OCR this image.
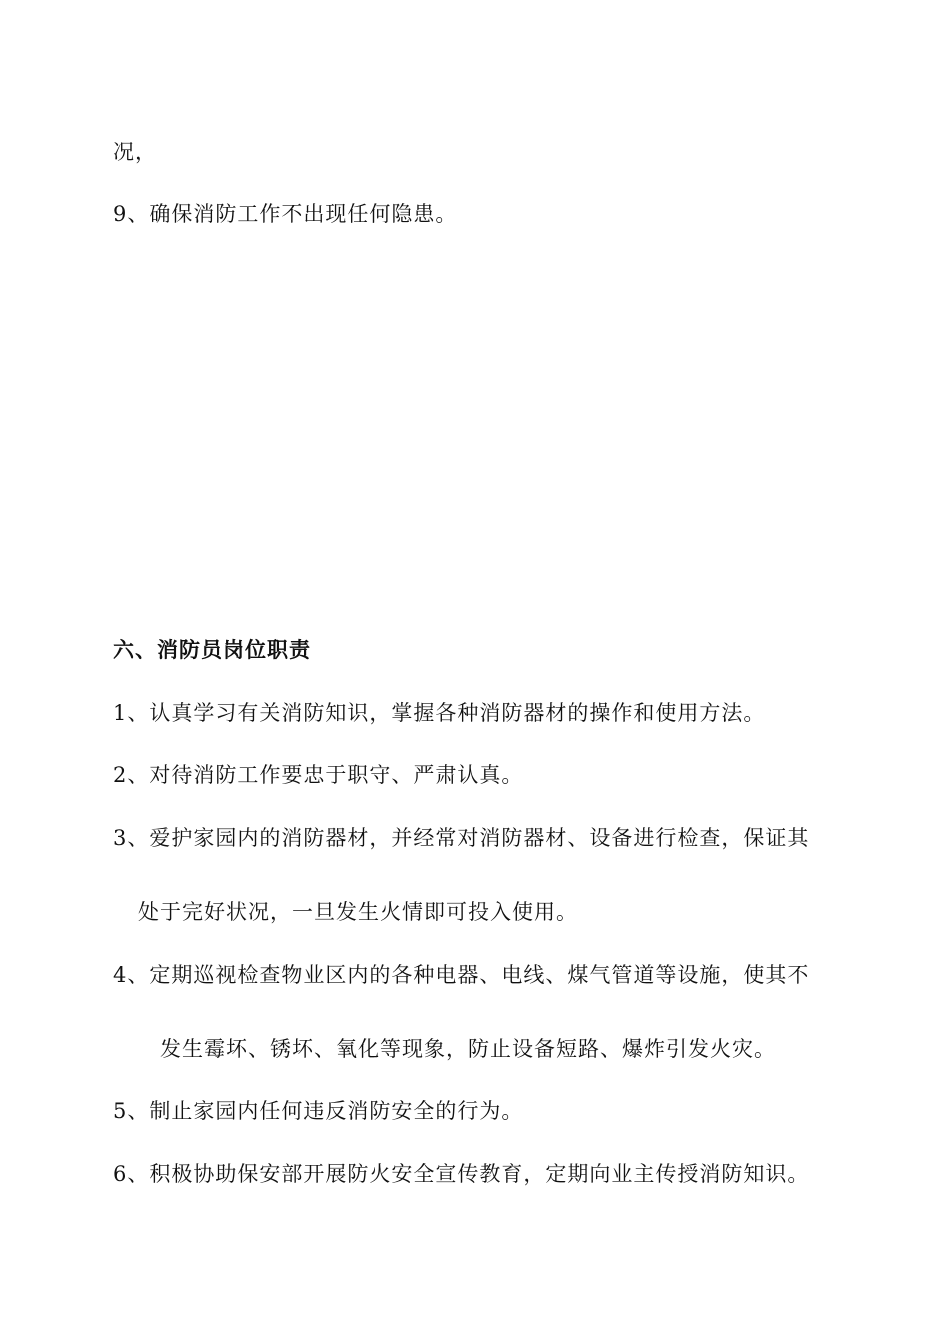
况，
9、确保消防工作不出现任何隐患。
六、消防员岗位职责
1、认真学习有关消防知识，掌握各种消防器材的操作和使用方法。
2、对待消防工作要忠于职守、严肃认真。
3、爱护家园内的消防器材，并经常对消防器材、设备进行检查，保证其
处于完好状况，一旦发生火情即可投入使用。
4、定期巡视检查物业区内的各种电器、电线、煤气管道等设施，使其不
发生霉坏、锈坏、氧化等现象，防止设备短路、爆炸引发火灾。
5、制止家园内任何违反消防安全的行为。
6、积极协助保安部开展防火安全宣传教育，定期向业主传授消防知识。
